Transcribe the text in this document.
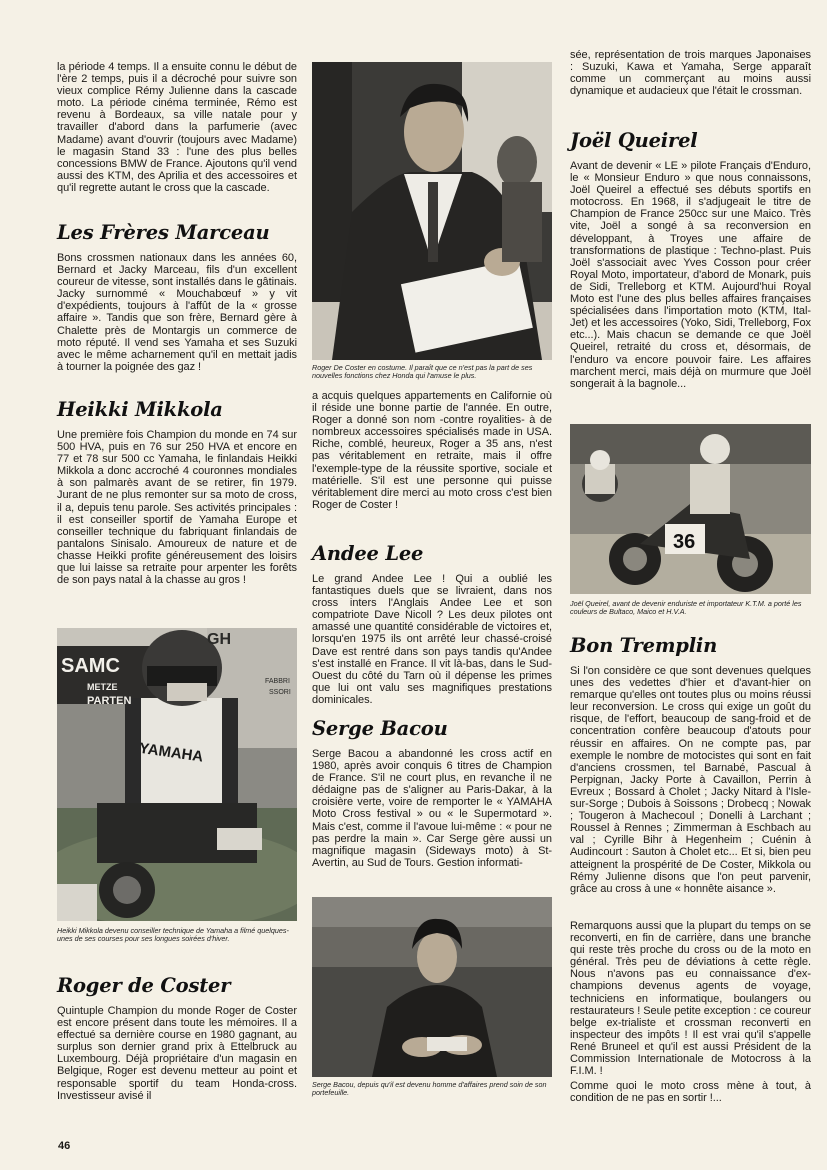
la période 4 temps. Il a ensuite connu le début de l'ère 2 temps, puis il a décroché pour suivre son vieux complice Rémy Julienne dans la cascade moto. La période cinéma terminée, Rémo est revenu à Bordeaux, sa ville natale pour y travailler d'abord dans la parfumerie (avec Madame) avant d'ouvrir (toujours avec Madame) le magasin Stand 33 : l'une des plus belles concessions BMW de France. Ajoutons qu'il vend aussi des KTM, des Aprilia et des accessoires et qu'il regrette autant le cross que la cascade.

Les Frères Marceau

Bons crossmen nationaux dans les années 60, Bernard et Jacky Marceau, fils d'un excellent coureur de vitesse, sont installés dans le gâtinais. Jacky surnommé « Mouchabœuf » y vit d'expédients, toujours à l'affût de la « grosse affaire ». Tandis que son frère, Bernard gère à Chalette près de Montargis un commerce de moto réputé. Il vend ses Yamaha et ses Suzuki avec le même acharnement qu'il en mettait jadis à tourner la poignée des gaz !

Heikki Mikkola

Une première fois Champion du monde en 74 sur 500 HVA, puis en 76 sur 250 HVA et encore en 77 et 78 sur 500 cc Yamaha, le finlandais Heikki Mikkola a donc accroché 4 couronnes mondiales à son palmarès avant de se retirer, fin 1979. Jurant de ne plus remonter sur sa moto de cross, il a, depuis tenu parole. Ses activités principales : il est conseiller sportif de Yamaha Europe et conseiller technique du fabriquant finlandais de pantalons Sinisalo. Amoureux de nature et de chasse Heikki profite généreusement des loisirs que lui laisse sa retraite pour arpenter les forêts de son pays natal à la chasse au gros !

SAMC
METZE
PARTEN
GH
FABBRI
SSORI
YAMAHA

Heikki Mikkola devenu conseiller technique de Yamaha a filmé quelques-unes de ses courses pour ses longues soirées d'hiver.

Roger de Coster

Quintuple Champion du monde Roger de Coster est encore présent dans toute les mémoires. Il a effectué sa dernière course en 1980 gagnant, au surplus son dernier grand prix à Ettelbruck au Luxembourg. Déjà propriétaire d'un magasin en Belgique, Roger est devenu metteur au point et responsable sportif du team Honda-cross. Investisseur avisé il

46

Roger De Coster en costume. Il paraît que ce n'est pas la part de ses nouvelles fonctions chez Honda qui l'amuse le plus.

a acquis quelques appartements en Californie où il réside une bonne partie de l'année. En outre, Roger a donné son nom -contre royalities- à de nombreux accessoires spécialisés made in USA. Riche, comblé, heureux, Roger a 35 ans, n'est pas véritablement en retraite, mais il offre l'exemple-type de la réussite sportive, sociale et matérielle. S'il est une personne qui puisse véritablement dire merci au moto cross c'est bien Roger de Coster !

Andee Lee

Le grand Andee Lee ! Qui a oublié les fantastiques duels que se livraient, dans nos cross inters l'Anglais Andee Lee et son compatriote Dave Nicoll ? Les deux pilotes ont amassé une quantité considérable de victoires et, lorsqu'en 1975 ils ont arrêté leur chassé-croisé Dave est rentré dans son pays tandis qu'Andee s'est installé en France. Il vit là-bas, dans le Sud-Ouest du côté du Tarn où il dépense les primes que lui ont valu ses magnifiques prestations dominicales.

Serge Bacou

Serge Bacou a abandonné les cross actif en 1980, après avoir conquis 6 titres de Champion de France. S'il ne court plus, en revanche il ne dédaigne pas de s'aligner au Paris-Dakar, à la croisière verte, voire de remporter le « YAMAHA Moto Cross festival » ou « le Supermotard ». Mais c'est, comme il l'avoue lui-même : « pour ne pas perdre la main ». Car Serge gère aussi un magnifique magasin (Sideways moto) à St-Avertin, au Sud de Tours. Gestion informati-

Serge Bacou, depuis qu'il est devenu homme d'affaires prend soin de son portefeuille.

sée, représentation de trois marques Japonaises : Suzuki, Kawa et Yamaha, Serge apparaît comme un commerçant au moins aussi dynamique et audacieux que l'était le crossman.

Joël Queirel

Avant de devenir « LE » pilote Français d'Enduro, le « Monsieur Enduro » que nous connaissons, Joël Queirel a effectué ses débuts sportifs en motocross. En 1968, il s'adjugeait le titre de Champion de France 250cc sur une Maico. Très vite, Joël a songé à sa reconversion en développant, à Troyes une affaire de transformations de plastique : Techno-plast. Puis Joël s'associait avec Yves Cosson pour créer Royal Moto, importateur, d'abord de Monark, puis de Sidi, Trelleborg et KTM. Aujourd'hui Royal Moto est l'une des plus belles affaires françaises spécialisées dans l'importation moto (KTM, Ital-Jet) et les accessoires (Yoko, Sidi, Trelleborg, Fox etc...). Mais chacun se demande ce que Joël Queirel, retraité du cross et, désormais, de l'enduro va encore pouvoir faire. Les affaires marchent merci, mais déjà on murmure que Joël songerait à la bagnole...

36

Joël Queirel, avant de devenir enduriste et importateur K.T.M. a porté les couleurs de Bultaco, Maico et H.V.A.

Bon Tremplin

Si l'on considère ce que sont devenues quelques unes des vedettes d'hier et d'avant-hier on remarque qu'elles ont toutes plus ou moins réussi leur reconversion. Le cross qui exige un goût du risque, de l'effort, beaucoup de sang-froid et de concentration confère beaucoup d'atouts pour réussir en affaires. On ne compte pas, par exemple le nombre de motocistes qui sont en fait d'anciens crossmen, tel Barnabé, Pascual à Perpignan, Jacky Porte à Cavaillon, Perrin à Evreux ; Bossard à Cholet ; Jacky Nitard à l'Isle-sur-Sorge ; Dubois à Soissons ; Drobecq ; Nowak ; Tougeron à Machecoul ; Donelli à Larchant ; Roussel à Rennes ; Zimmerman à Eschbach au val ; Cyrille Bihr à Hegenheim ; Cuénin à Audincourt : Sauton à Cholet etc... Et si, bien peu atteignent la prospérité de De Coster, Mikkola ou Rémy Julienne disons que l'on peut parvenir, grâce au cross à une « honnête aisance ».

Remarquons aussi que la plupart du temps on se reconverti, en fin de carrière, dans une branche qui reste très proche du cross ou de la moto en général. Très peu de déviations à cette règle. Nous n'avons pas eu connaissance d'ex-champions devenus agents de voyage, techniciens en informatique, boulangers ou restaurateurs ! Seule petite exception : ce coureur belge ex-trialiste et crossman reconverti en inspecteur des impôts ! Il est vrai qu'il s'appelle René Bruneel et qu'il est aussi Président de la Commission Internationale de Motocross à la F.I.M. !

Comme quoi le moto cross mène à tout, à condition de ne pas en sortir !...
